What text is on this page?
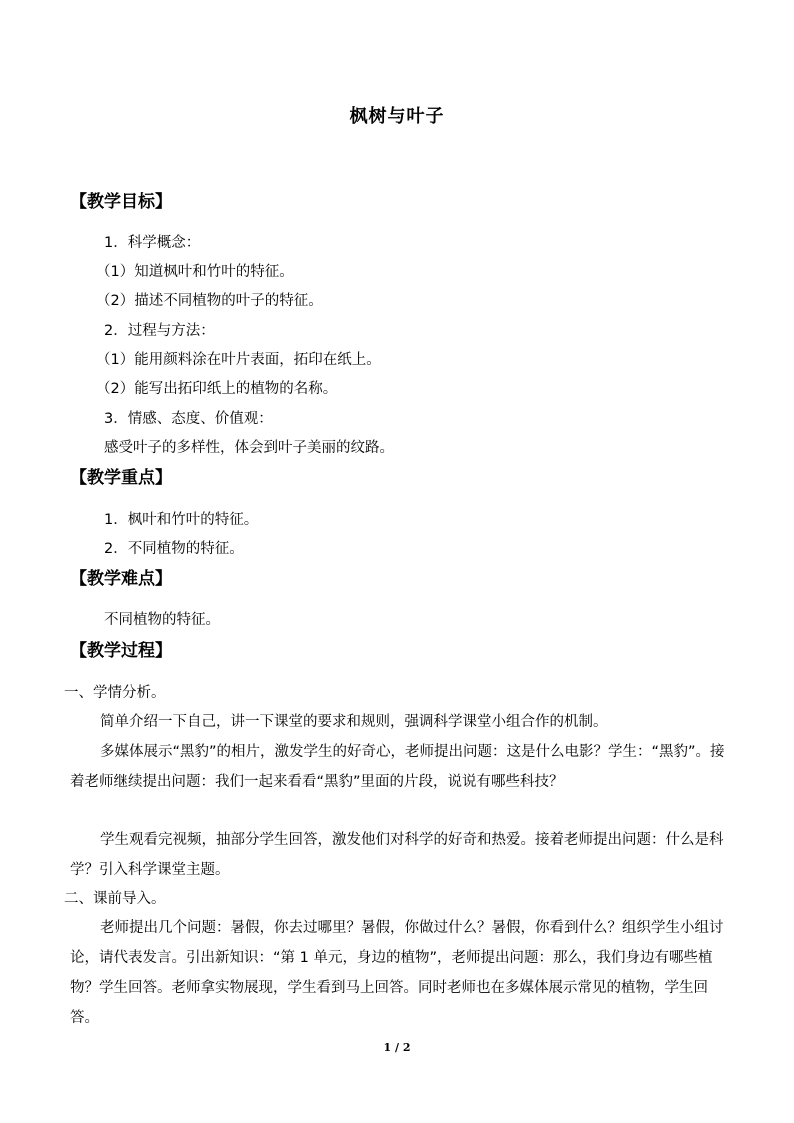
枫树与叶子
【教学目标】
1．科学概念：
（1）知道枫叶和竹叶的特征。
（2）描述不同植物的叶子的特征。
2．过程与方法：
（1）能用颜料涂在叶片表面，拓印在纸上。
（2）能写出拓印纸上的植物的名称。
3．情感、态度、价值观：
感受叶子的多样性，体会到叶子美丽的纹路。
【教学重点】
1．枫叶和竹叶的特征。
2．不同植物的特征。
【教学难点】
不同植物的特征。
【教学过程】
一、学情分析。
简单介绍一下自己，讲一下课堂的要求和规则，强调科学课堂小组合作的机制。
多媒体展示“黑豹”的相片，激发学生的好奇心，老师提出问题：这是什么电影？学生：“黑豹”。接着老师继续提出问题：我们一起来看看“黑豹”里面的片段，说说有哪些科技？
学生观看完视频，抽部分学生回答，激发他们对科学的好奇和热爱。接着老师提出问题：什么是科学？引入科学课堂主题。
二、课前导入。
老师提出几个问题：暑假，你去过哪里？暑假，你做过什么？暑假，你看到什么？组织学生小组讨论，请代表发言。引出新知识：“第 1 单元，身边的植物”，老师提出问题：那么，我们身边有哪些植物？学生回答。老师拿实物展现，学生看到马上回答。同时老师也在多媒体展示常见的植物，学生回答。
1 / 2
